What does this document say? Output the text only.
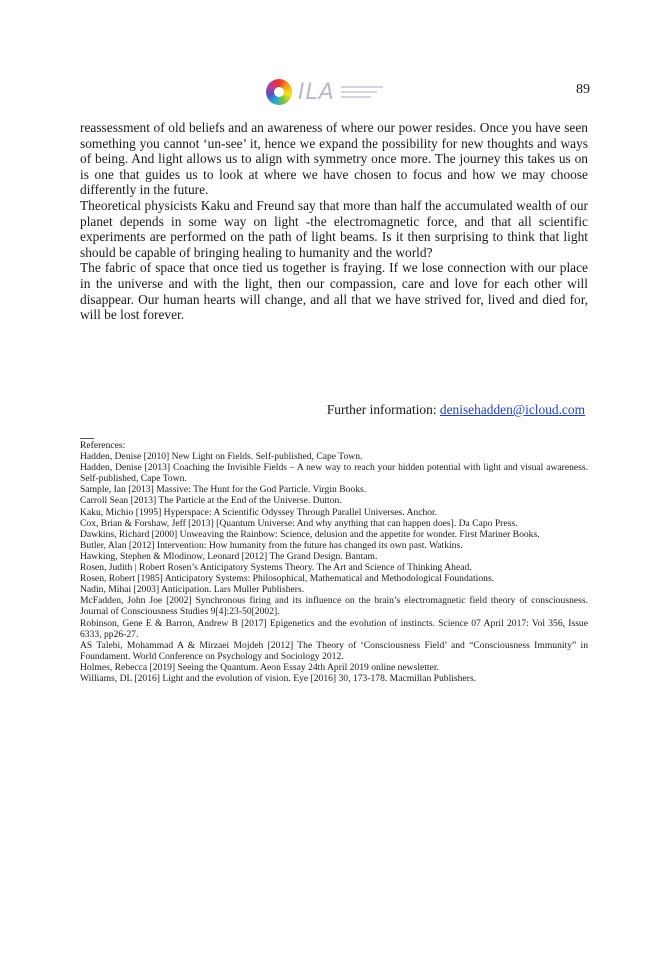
ILA	89

reassessment of old beliefs and an awareness of where our power resides. Once you have seen something you cannot ‘un-see’ it, hence we expand the possibility for new thoughts and ways of being. And light allows us to align with symmetry once more. The journey this takes us on is one that guides us to look at where we have chosen to focus and how we may choose differently in the future.

Theoretical physicists Kaku and Freund say that more than half the accumulated wealth of our planet depends in some way on light -the electromagnetic force, and that all scientific experiments are performed on the path of light beams. Is it then surprising to think that light should be capable of bringing healing to humanity and the world?

The fabric of space that once tied us together is fraying. If we lose connection with our place in the universe and with the light, then our compassion, care and love for each other will disappear. Our human hearts will change, and all that we have strived for, lived and died for, will be lost forever.

Further information: denisehadden@icloud.com

References:

Hadden, Denise [2010] New Light on Fields. Self-published, Cape Town.

Hadden, Denise [2013] Coaching the Invisible Fields – A new way to reach your hidden potential with light and visual awareness. Self-published, Cape Town.

Sample, Ian [2013] Massive: The Hunt for the God Particle. Virgin Books.

Carroll Sean [2013] The Particle at the End of the Universe. Dutton.

Kaku, Michio [1995] Hyperspace: A Scientific Odyssey Through Parallel Universes. Anchor.

Cox, Brian & Forshaw, Jeff [2013] [Quantum Universe: And why anything that can happen does]. Da Capo Press.

Dawkins, Richard [2000] Unweaving the Rainbow: Science, delusion and the appetite for wonder. First Mariner Books.

Butler, Alan [2012] Intervention: How humanity from the future has changed its own past. Watkins.

Hawking, Stephen & Mlodinow, Leonard [2012] The Grand Design. Bantam.

Rosen, Judith | Robert Rosen’s Anticipatory Systems Theory. The Art and Science of Thinking Ahead.

Rosen, Robert [1985] Anticipatory Systems: Philosophical, Mathematical and Methodological Foundations.

Nadin, Mihai [2003] Anticipation. Lars Muller Publishers.

McFadden, John Joe [2002] Synchronous firing and its influence on the brain’s electromagnetic field theory of consciousness. Journal of Consciousness Studies 9[4]:23-50[2002].

Robinson, Gene E & Barron, Andrew B [2017] Epigenetics and the evolution of instincts. Science 07 April 2017: Vol 356, Issue 6333, pp26-27.

AS Talebi, Mohammad A & Mirzaei Mojdeh [2012] The Theory of ‘Consciousness Field’ and “Consciousness Immunity” in Foundament. World Conference on Psychology and Sociology 2012.

Holmes, Rebecca [2019] Seeing the Quantum. Aeon Essay 24th April 2019 online newsletter.

Williams, DL [2016] Light and the evolution of vision. Eye [2016] 30, 173-178. Macmillan Publishers.
